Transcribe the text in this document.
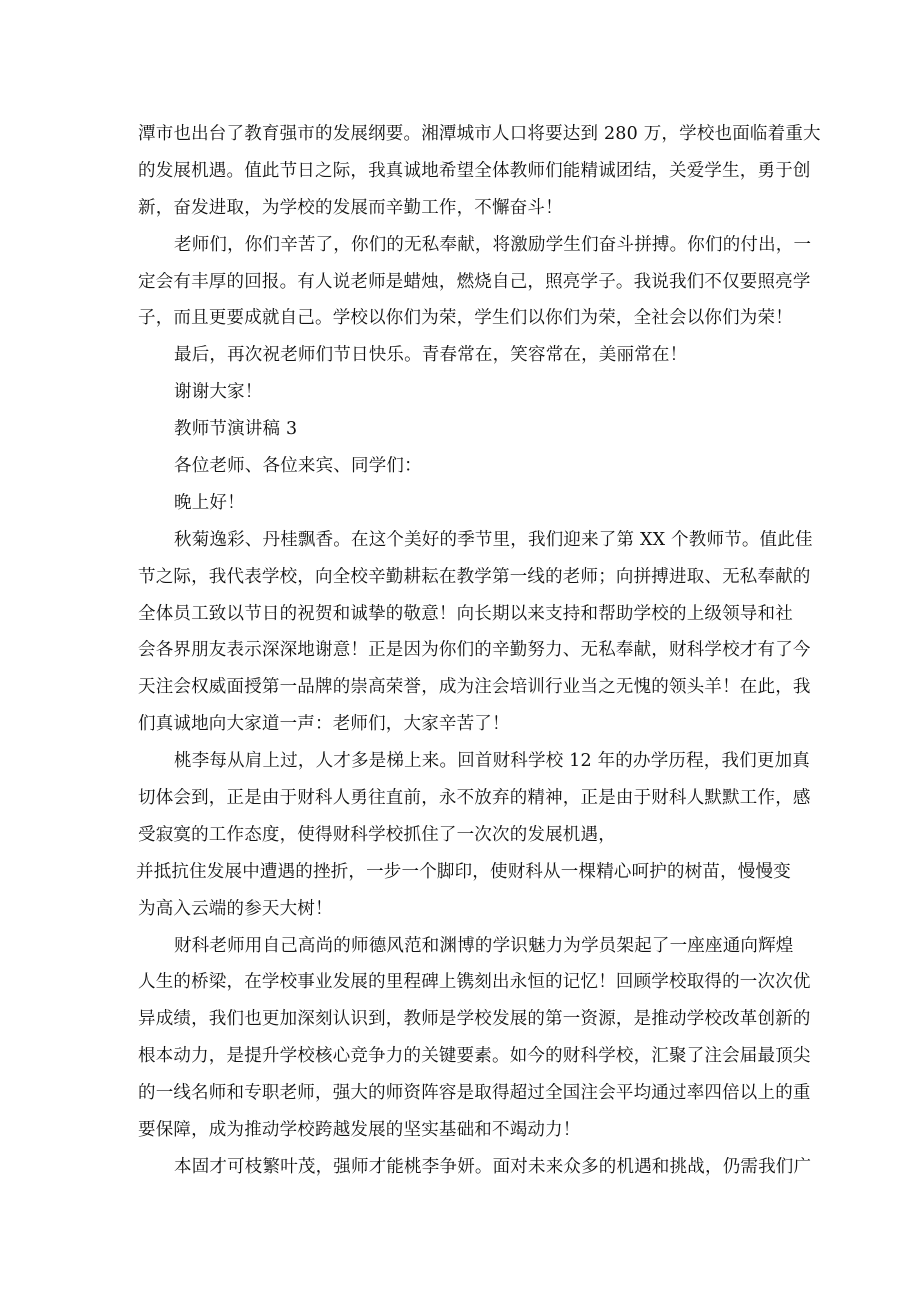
潭市也出台了教育强市的发展纲要。湘潭城市人口将要达到 280 万，学校也面临着重大
的发展机遇。值此节日之际，我真诚地希望全体教师们能精诚团结，关爱学生，勇于创
新，奋发进取，为学校的发展而辛勤工作，不懈奋斗！
老师们，你们辛苦了，你们的无私奉献，将激励学生们奋斗拼搏。你们的付出，一
定会有丰厚的回报。有人说老师是蜡烛，燃烧自己，照亮学子。我说我们不仅要照亮学
子，而且更要成就自己。学校以你们为荣，学生们以你们为荣，全社会以你们为荣！
最后，再次祝老师们节日快乐。青春常在，笑容常在，美丽常在！
谢谢大家！
教师节演讲稿 3
各位老师、各位来宾、同学们：
晚上好！
秋菊逸彩、丹桂飘香。在这个美好的季节里，我们迎来了第 XX 个教师节。值此佳
节之际，我代表学校，向全校辛勤耕耘在教学第一线的老师；向拼搏进取、无私奉献的
全体员工致以节日的祝贺和诚挚的敬意！向长期以来支持和帮助学校的上级领导和社
会各界朋友表示深深地谢意！正是因为你们的辛勤努力、无私奉献，财科学校才有了今
天注会权威面授第一品牌的崇高荣誉，成为注会培训行业当之无愧的领头羊！在此，我
们真诚地向大家道一声：老师们，大家辛苦了！
桃李每从肩上过，人才多是梯上来。回首财科学校 12 年的办学历程，我们更加真
切体会到，正是由于财科人勇往直前，永不放弃的精神，正是由于财科人默默工作，感
受寂寞的工作态度，使得财科学校抓住了一次次的发展机遇，
并抵抗住发展中遭遇的挫折，一步一个脚印，使财科从一棵精心呵护的树苗，慢慢变
为高入云端的参天大树！
财科老师用自己高尚的师德风范和渊博的学识魅力为学员架起了一座座通向辉煌
人生的桥梁，在学校事业发展的里程碑上镌刻出永恒的记忆！回顾学校取得的一次次优
异成绩，我们也更加深刻认识到，教师是学校发展的第一资源，是推动学校改革创新的
根本动力，是提升学校核心竞争力的关键要素。如今的财科学校，汇聚了注会届最顶尖
的一线名师和专职老师，强大的师资阵容是取得超过全国注会平均通过率四倍以上的重
要保障，成为推动学校跨越发展的坚实基础和不竭动力！
本固才可枝繁叶茂，强师才能桃李争妍。面对未来众多的机遇和挑战，仍需我们广
